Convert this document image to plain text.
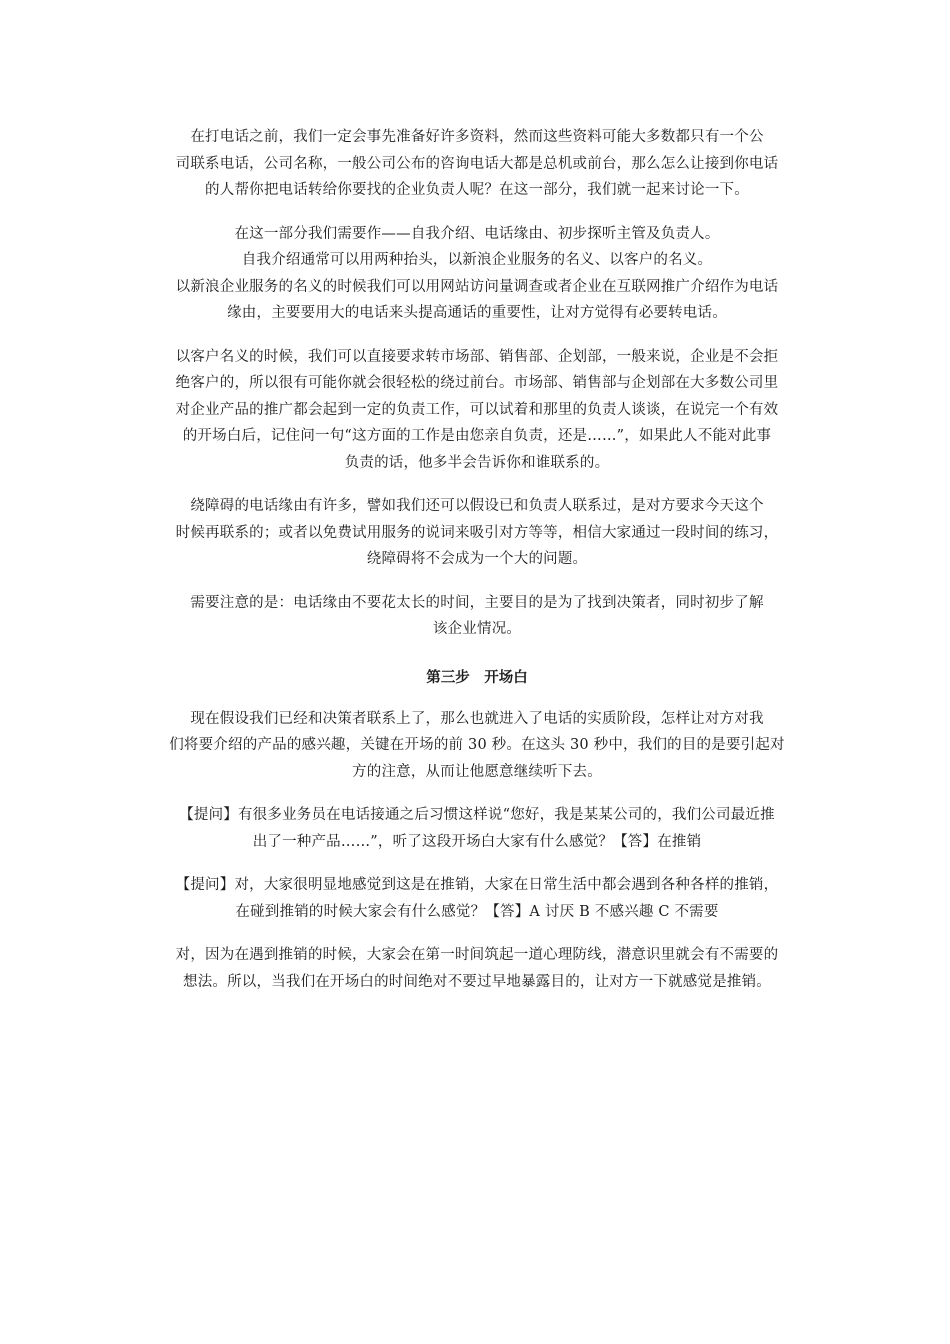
在打电话之前，我们一定会事先准备好许多资料，然而这些资料可能大多数都只有一个公
司联系电话，公司名称，一般公司公布的咨询电话大都是总机或前台，那么怎么让接到你电话
的人帮你把电话转给你要找的企业负责人呢？在这一部分，我们就一起来讨论一下。

在这一部分我们需要作——自我介绍、电话缘由、初步探听主管及负责人。

自我介绍通常可以用两种抬头，以新浪企业服务的名义、以客户的名义。

以新浪企业服务的名义的时候我们可以用网站访问量调查或者企业在互联网推广介绍作为电话
缘由，主要要用大的电话来头提高通话的重要性，让对方觉得有必要转电话。

以客户名义的时候，我们可以直接要求转市场部、销售部、企划部，一般来说，企业是不会拒
绝客户的，所以很有可能你就会很轻松的绕过前台。市场部、销售部与企划部在大多数公司里
对企业产品的推广都会起到一定的负责工作，可以试着和那里的负责人谈谈，在说完一个有效
的开场白后，记住问一句“这方面的工作是由您亲自负责，还是……”，如果此人不能对此事
负责的话，他多半会告诉你和谁联系的。

绕障碍的电话缘由有许多，譬如我们还可以假设已和负责人联系过，是对方要求今天这个
时候再联系的；或者以免费试用服务的说词来吸引对方等等，相信大家通过一段时间的练习，
绕障碍将不会成为一个大的问题。

需要注意的是：电话缘由不要花太长的时间，主要目的是为了找到决策者，同时初步了解
该企业情况。

第三步　开场白

现在假设我们已经和决策者联系上了，那么也就进入了电话的实质阶段，怎样让对方对我
们将要介绍的产品的感兴趣，关键在开场的前 30 秒。在这头 30 秒中，我们的目的是要引起对
方的注意，从而让他愿意继续听下去。

【提问】有很多业务员在电话接通之后习惯这样说“您好，我是某某公司的，我们公司最近推
出了一种产品……”，听了这段开场白大家有什么感觉？【答】在推销

【提问】对，大家很明显地感觉到这是在推销，大家在日常生活中都会遇到各种各样的推销，
在碰到推销的时候大家会有什么感觉？【答】A 讨厌 B 不感兴趣 C 不需要

对，因为在遇到推销的时候，大家会在第一时间筑起一道心理防线，潜意识里就会有不需要的
想法。所以，当我们在开场白的时间绝对不要过早地暴露目的，让对方一下就感觉是推销。
